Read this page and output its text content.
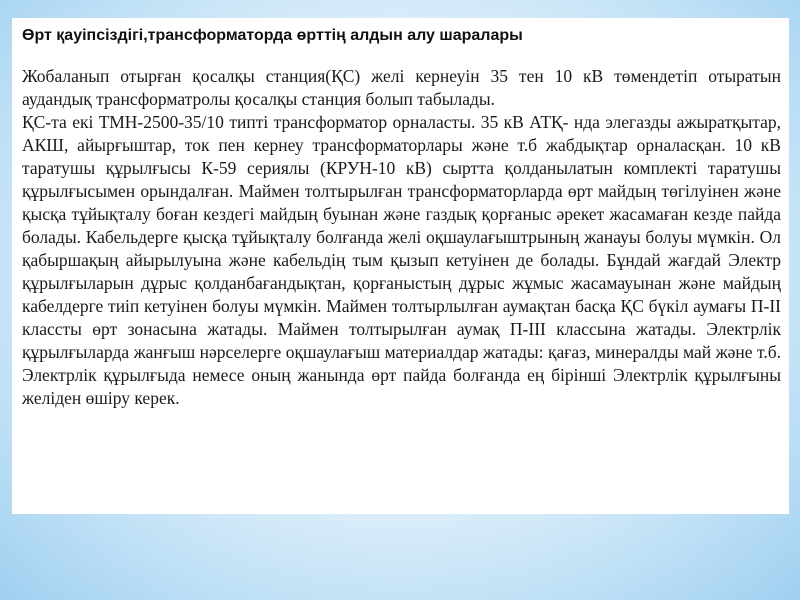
Өрт қауіпсіздігі,трансформаторда өрттің алдын алу шаралары

Жобаланып отырған қосалқы станция(ҚС) желі кернеуін 35 тен 10 кВ төмендетіп отыратын аудандық трансформатролы қосалқы станция болып табылады.

ҚС-та екі ТМН-2500-35/10 типті трансформатор орналасты. 35 кВ АТҚ- нда элегазды ажыратқытар, АКШ, айырғыштар, ток пен кернеу трансформаторлары және т.б жабдықтар орналасқан. 10 кВ таратушы құрылғысы К-59 сериялы (КРУН-10 кВ) сыртта қолданылатын комплекті таратушы құрылғысымен орындалған. Маймен толтырылған трансформаторларда өрт майдың төгілуінен және қысқа тұйықталу боған кездегі майдың буынан және газдық қорғаныс әрекет жасамаған кезде пайда болады. Кабельдерге қысқа тұйықталу болғанда желі оқшаулағыштрының жанауы болуы мүмкін. Ол қабыршақың айырылуына және кабельдің тым қызып кетуінен де болады. Бұндай жағдай Электр құрылғыларын дұрыс қолданбағандықтан, қорғаныстың дұрыс жұмыс жасамауынан және майдың кабелдерге тиіп кетуінен болуы мүмкін. Маймен толтырлылған аумақтан басқа ҚС бүкіл аумағы П-ІІ классты өрт зонасына жатады. Маймен толтырылған аумақ П-ІІІ классына жатады. Электрлік құрылғыларда жанғыш нәрселерге оқшаулағыш материалдар жатады: қағаз, минералды май және т.б. Электрлік құрылғыда немесе оның жанында өрт пайда болғанда ең бірінші Электрлік құрылғыны желіден өшіру керек.
